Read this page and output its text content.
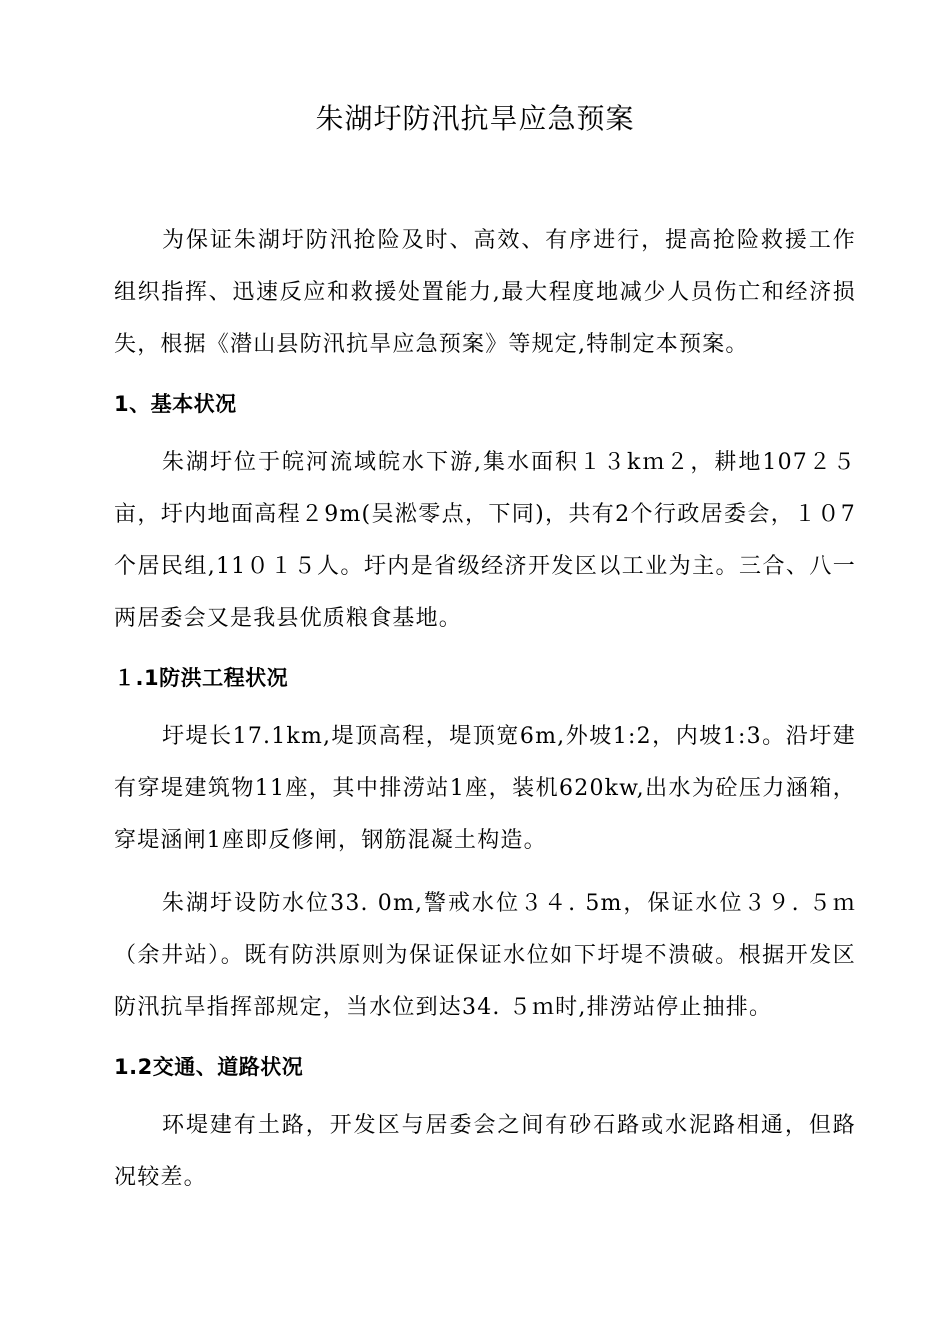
朱湖圩防汛抗旱应急预案

为保证朱湖圩防汛抢险及时、高效、有序进行，提高抢险救援工作组织指挥、迅速反应和救援处置能力,最大程度地减少人员伤亡和经济损失，根据《潜山县防汛抗旱应急预案》等规定,特制定本预案。

1、基本状况

朱湖圩位于皖河流域皖水下游,集水面积１３kｍ２，耕地107２５亩，圩内地面高程２9m(吴淞零点，下同)，共有2个行政居委会，１０7个居民组,11０１５人。圩内是省级经济开发区以工业为主。三合、八一两居委会又是我县优质粮食基地。

１.1防洪工程状况

圩堤长17.1km,堤顶高程，堤顶宽6m,外坡1:2，内坡1:3。沿圩建有穿堤建筑物11座，其中排涝站1座，装机620kw,出水为砼压力涵箱，穿堤涵闸1座即反修闸，钢筋混凝土构造。

朱湖圩设防水位33. 0m,警戒水位３４. 5m，保证水位３９. ５ｍ（余井站）。既有防洪原则为保证保证水位如下圩堤不溃破。根据开发区防汛抗旱指挥部规定，当水位到达34. ５ｍ时,排涝站停止抽排。

1.2交通、道路状况

环堤建有土路，开发区与居委会之间有砂石路或水泥路相通，但路况较差。
